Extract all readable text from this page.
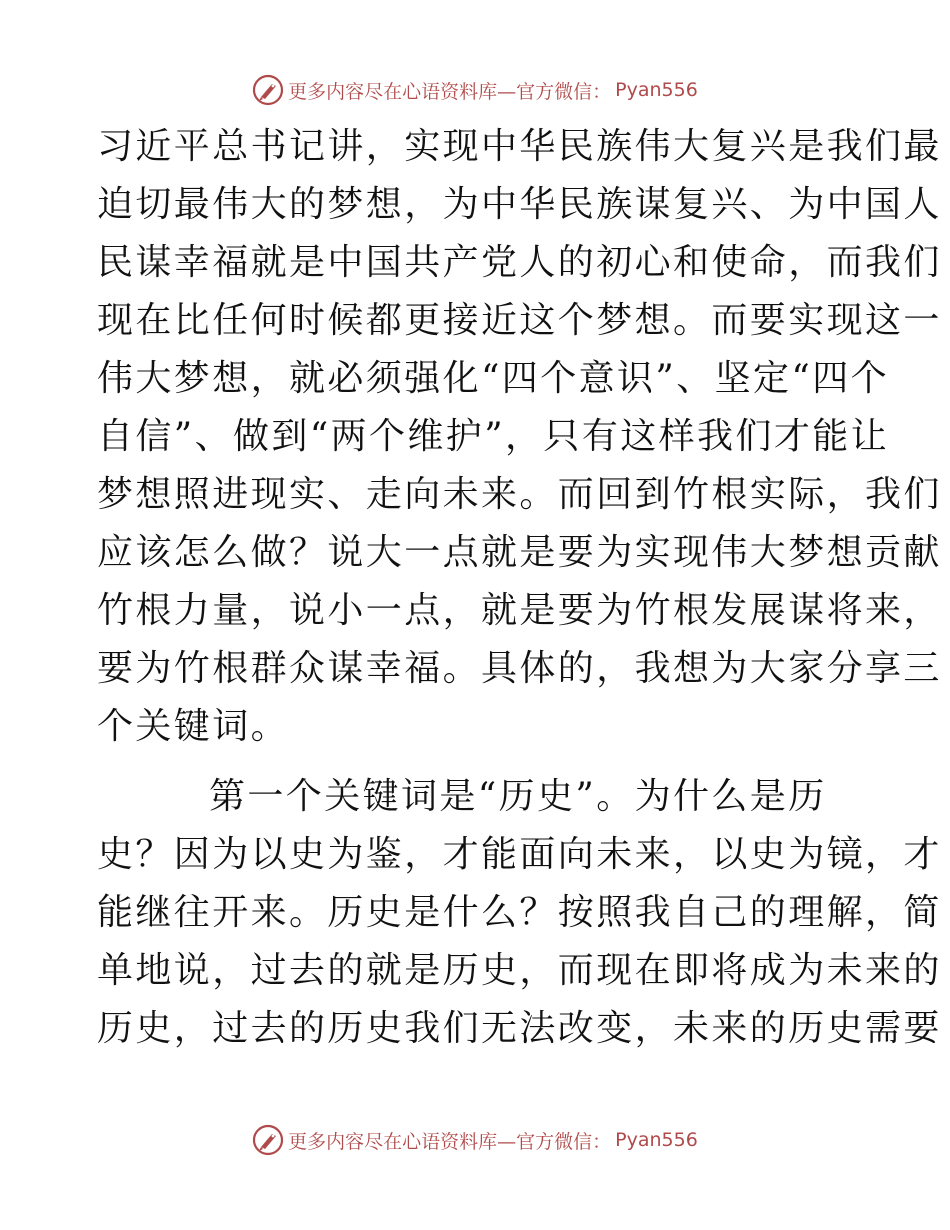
更多内容尽在心语资料库—官方微信： Pyan556
习近平总书记讲，实现中华民族伟大复兴是我们最
迫切最伟大的梦想，为中华民族谋复兴、为中国人
民谋幸福就是中国共产党人的初心和使命，而我们
现在比任何时候都更接近这个梦想。而要实现这一
伟大梦想，就必须强化“四个意识”、坚定“四个
自信”、做到“两个维护”，只有这样我们才能让
梦想照进现实、走向未来。而回到竹根实际，我们
应该怎么做？说大一点就是要为实现伟大梦想贡献
竹根力量，说小一点，就是要为竹根发展谋将来，
要为竹根群众谋幸福。具体的，我想为大家分享三
个关键词。
第一个关键词是“历史”。为什么是历
史？因为以史为鉴，才能面向未来，以史为镜，才
能继往开来。历史是什么？按照我自己的理解，简
单地说，过去的就是历史，而现在即将成为未来的
历史，过去的历史我们无法改变，未来的历史需要
更多内容尽在心语资料库—官方微信： Pyan556
